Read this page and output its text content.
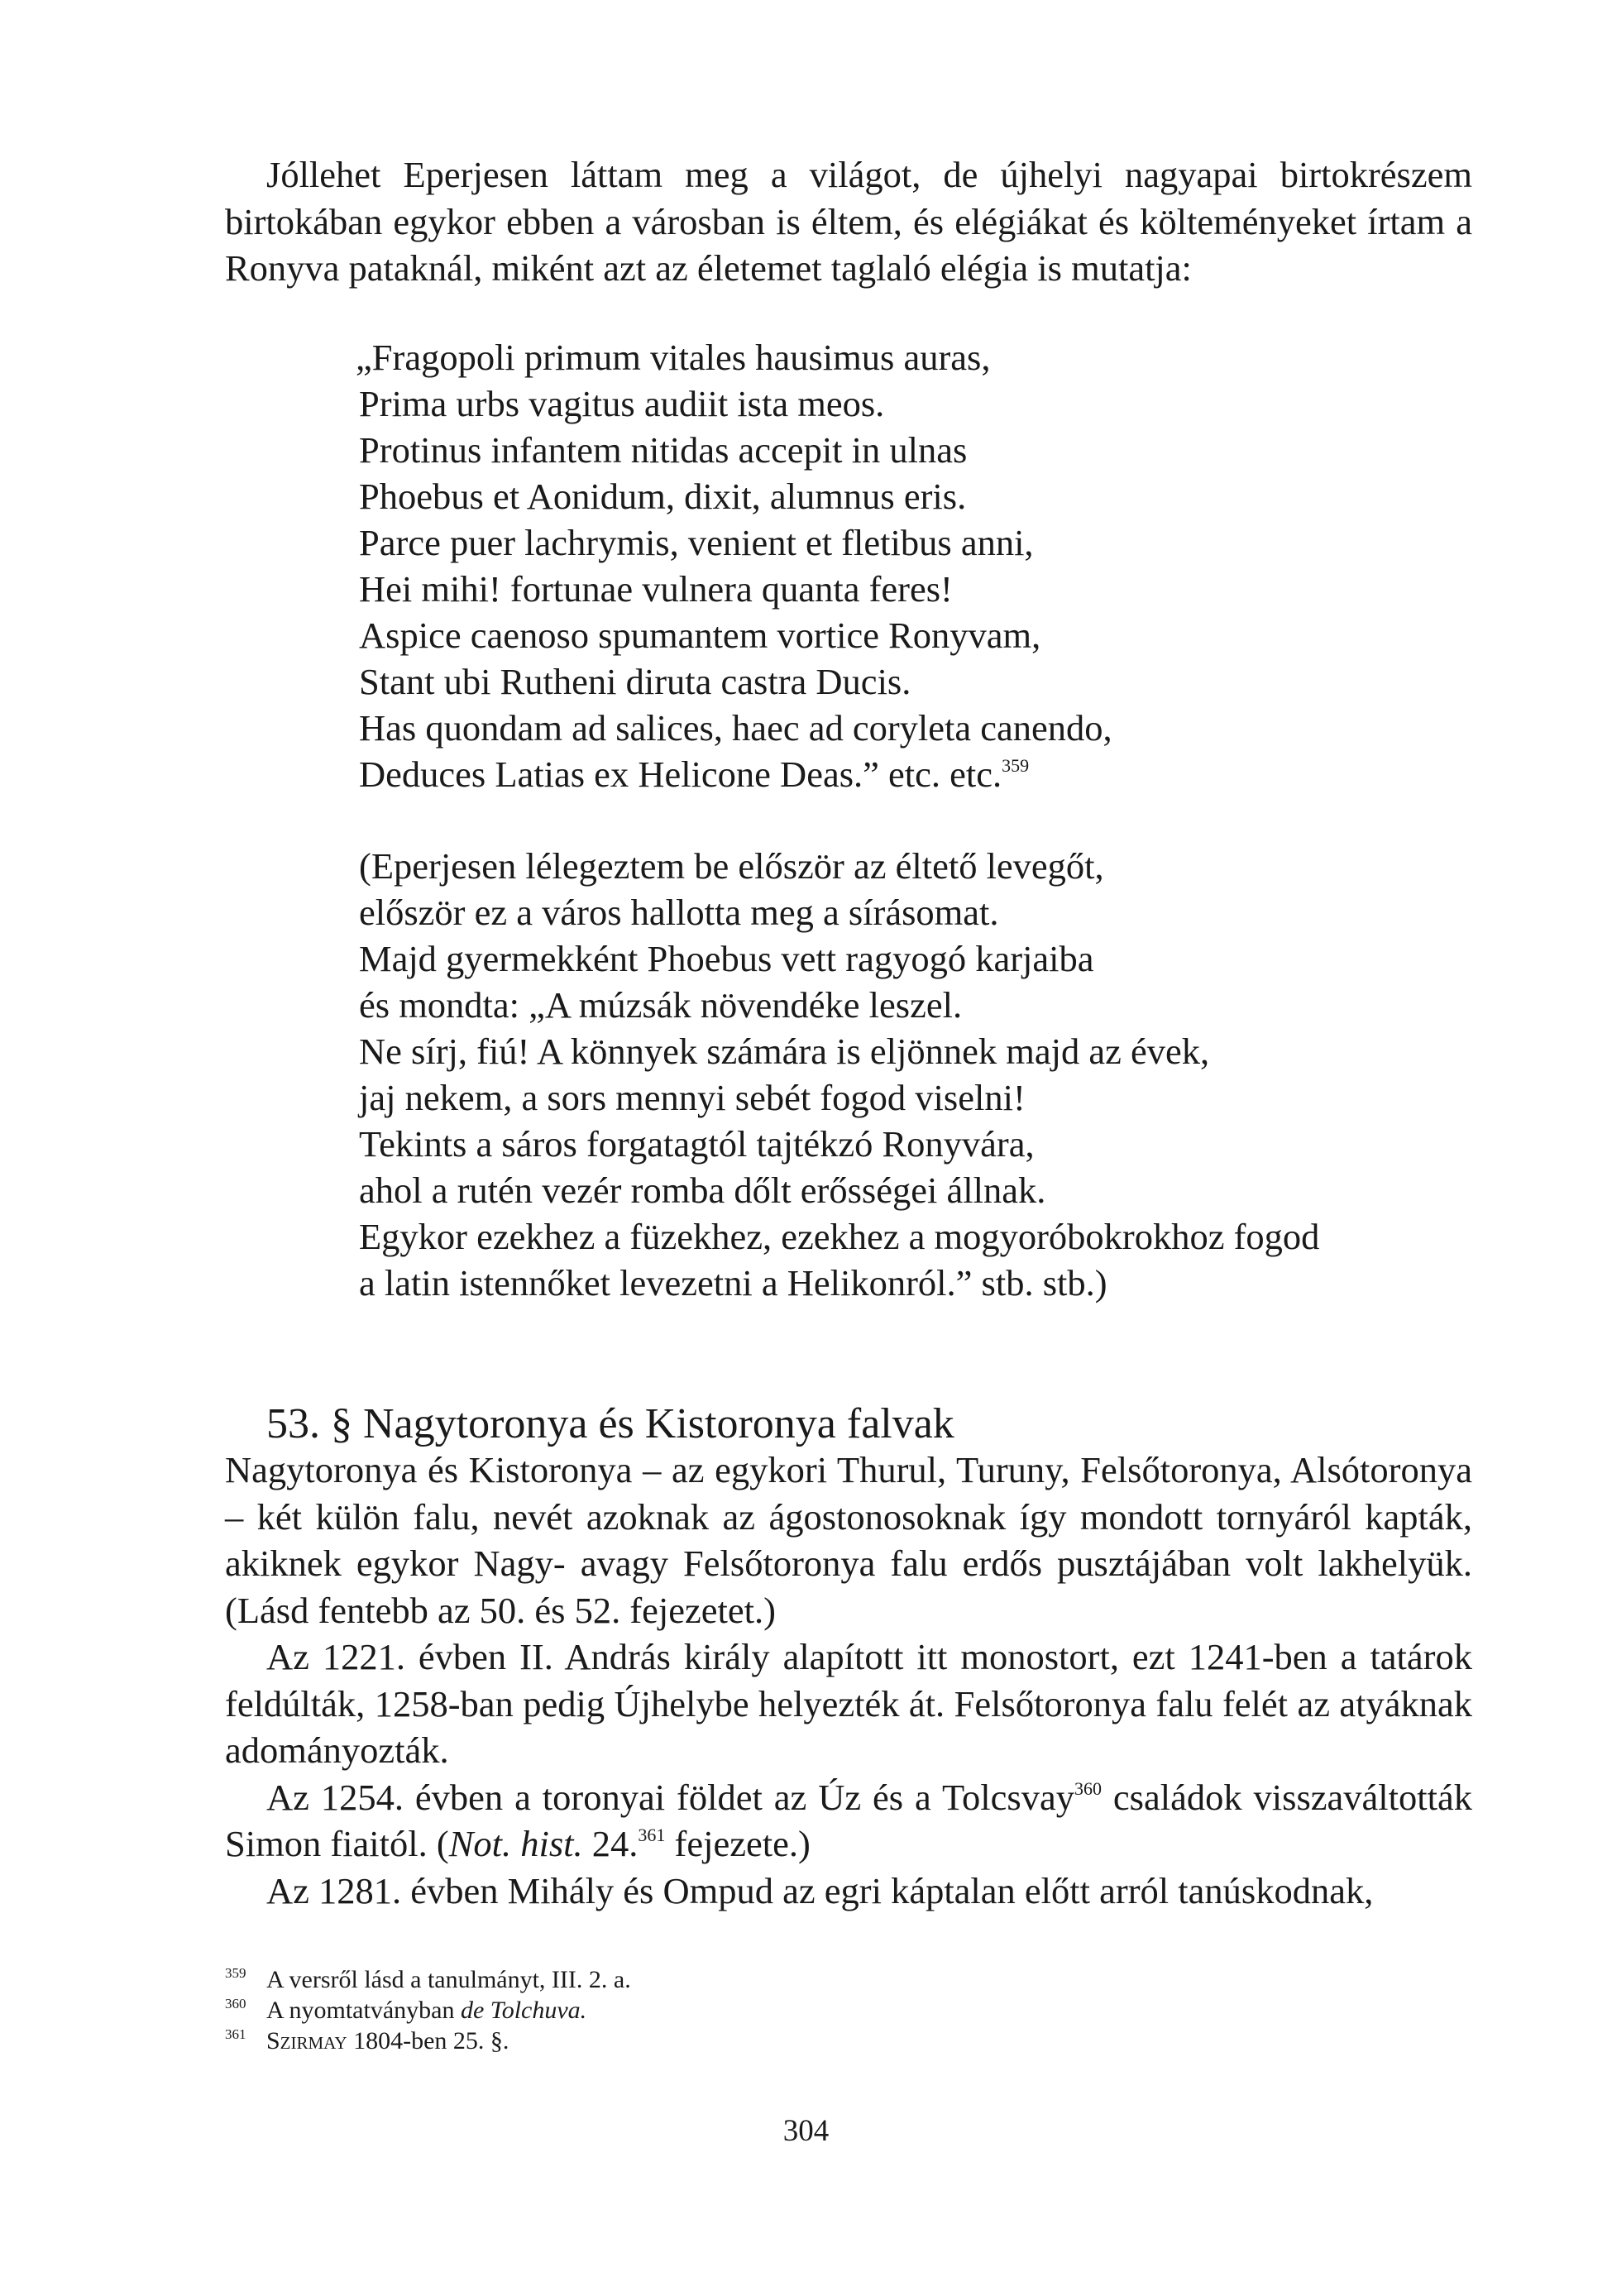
Jóllehet Eperjesen láttam meg a világot, de újhelyi nagyapai birtokrészem birtokában egykor ebben a városban is éltem, és elégiákat és költeményeket írtam a Ronyva pataknál, miként azt az életemet taglaló elégia is mutatja:

„Fragopoli primum vitales hausimus auras,
Prima urbs vagitus audiit ista meos.
Protinus infantem nitidas accepit in ulnas
Phoebus et Aonidum, dixit, alumnus eris.
Parce puer lachrymis, venient et fletibus anni,
Hei mihi! fortunae vulnera quanta feres!
Aspice caenoso spumantem vortice Ronyvam,
Stant ubi Rutheni diruta castra Ducis.
Has quondam ad salices, haec ad coryleta canendo,
Deduces Latias ex Helicone Deas.” etc. etc.$^{359}$
(Eperjesen lélegeztem be először az éltető levegőt,
először ez a város hallotta meg a sírásomat.
Majd gyermekként Phoebus vett ragyogó karjaiba
és mondta: „A múzsák növendéke leszel.
Ne sírj, fiú! A könnyek számára is eljönnek majd az évek,
jaj nekem, a sors mennyi sebét fogod viselni!
Tekints a sáros forgatagtól tajtékzó Ronyvára,
ahol a rutén vezér romba dőlt erősségei állnak.
Egykor ezekhez a füzekhez, ezekhez a mogyoróbokrokhoz fogod
a latin istennőket levezetni a Helikonról.” stb. stb.)
53. § Nagytoronya és Kistoronya falvak

Nagytoronya és Kistoronya – az egykori Thurul, Turuny, Felsőtoronya, Alsótoronya – két külön falu, nevét azoknak az ágostonosoknak így mondott tornyáról kapták, akiknek egykor Nagy- avagy Felsőtoronya falu erdős pusztájában volt lakhelyük. (Lásd fentebb az 50. és 52. fejezetet.)

Az 1221. évben II. András király alapított itt monostort, ezt 1241-ben a tatárok feldúlták, 1258-ban pedig Újhelybe helyezték át. Felsőtoronya falu felét az atyáknak adományozták.

Az 1254. évben a toronyai földet az Úz és a Tolcsvay$^{360}$ családok visszaváltották Simon fiaitól. (Not. hist. 24.$^{361}$ fejezete.)

Az 1281. évben Mihály és Ompud az egri káptalan előtt arról tanúskodnak,

359 A versről lásd a tanulmányt, III. 2. a.
360 A nyomtatványban de Tolchuva.
361 Szirmay 1804-ben 25. §.
304
